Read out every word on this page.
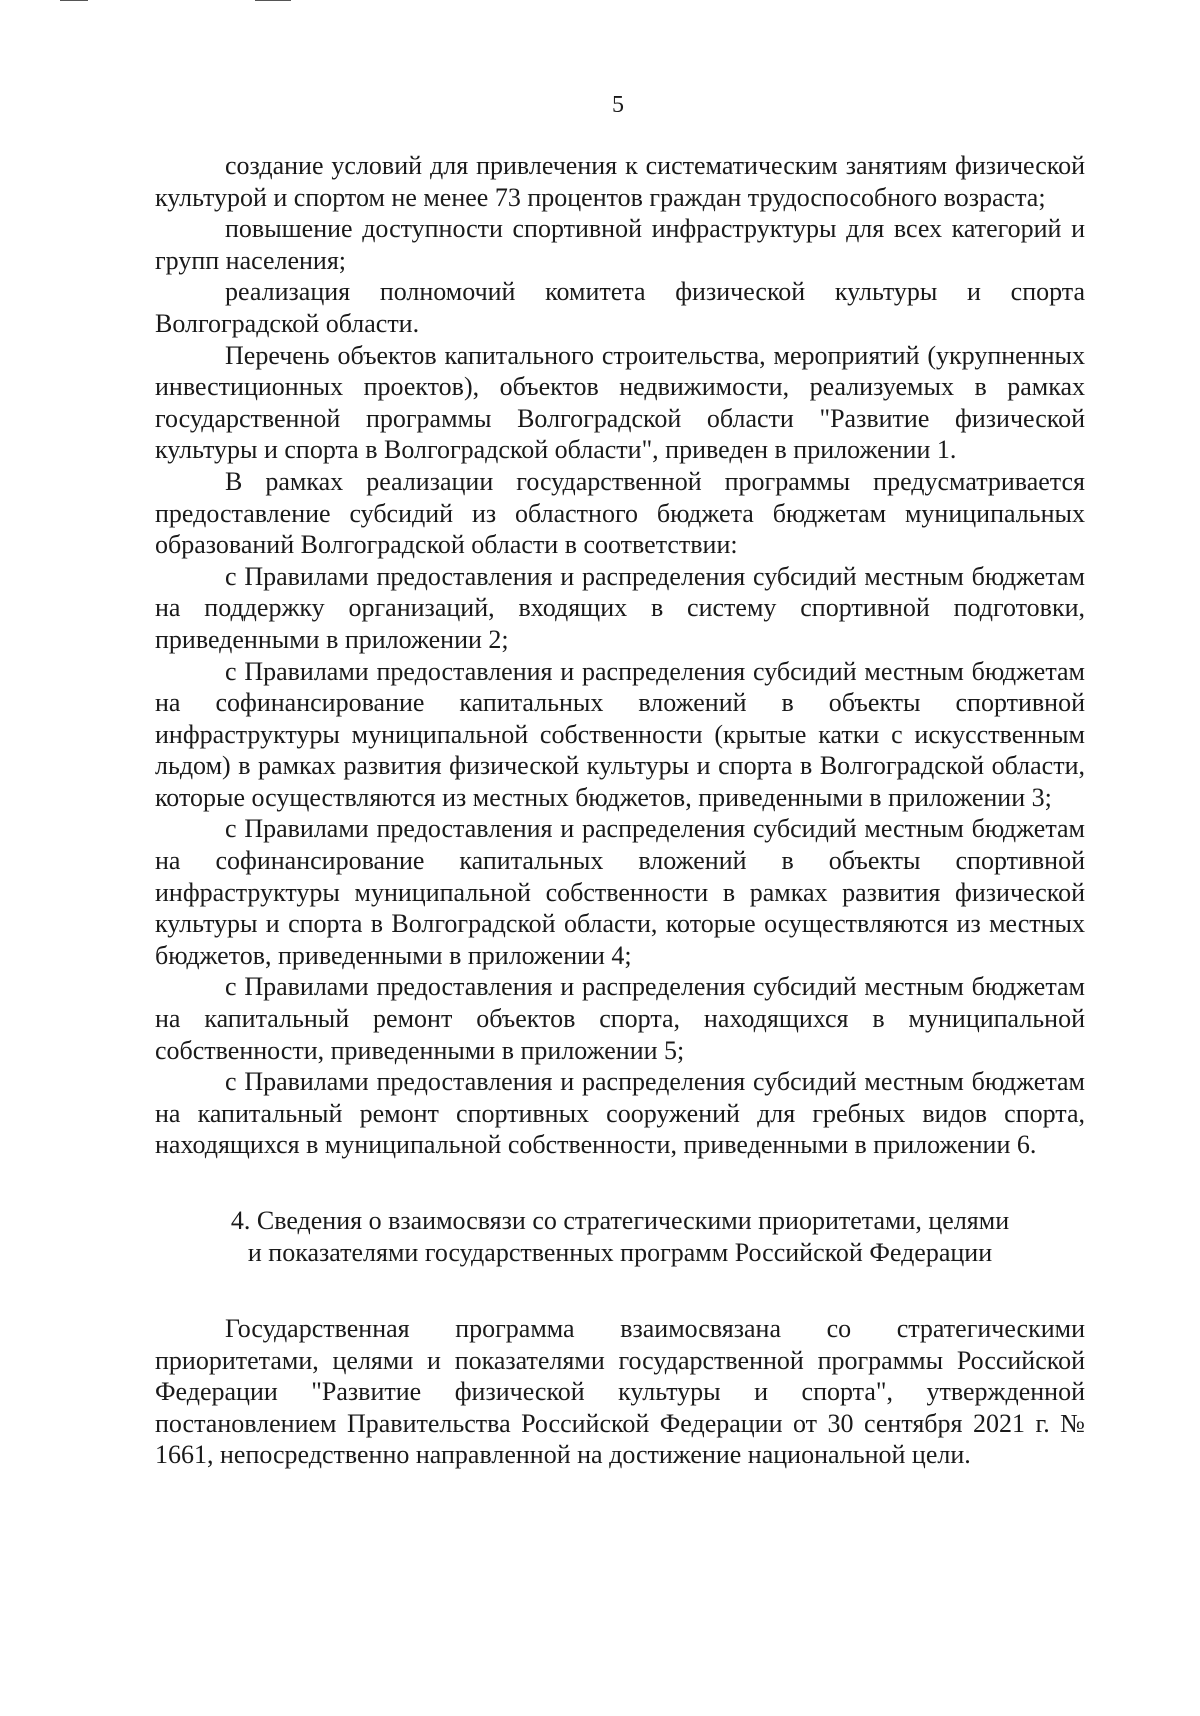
5

создание условий для привлечения к систематическим занятиям физической культурой и спортом не менее 73 процентов граждан трудоспособного возраста;

повышение доступности спортивной инфраструктуры для всех категорий и групп населения;

реализация полномочий комитета физической культуры и спорта Волгоградской области.

Перечень объектов капитального строительства, мероприятий (укрупненных инвестиционных проектов), объектов недвижимости, реализуемых в рамках государственной программы Волгоградской области "Развитие физической культуры и спорта в Волгоградской области", приведен в приложении 1.

В рамках реализации государственной программы предусматривается предоставление субсидий из областного бюджета бюджетам муниципальных образований Волгоградской области в соответствии:

с Правилами предоставления и распределения субсидий местным бюджетам на поддержку организаций, входящих в систему спортивной подготовки, приведенными в приложении 2;

с Правилами предоставления и распределения субсидий местным бюджетам на софинансирование капитальных вложений в объекты спортивной инфраструктуры муниципальной собственности (крытые катки с искусственным льдом) в рамках развития физической культуры и спорта в Волгоградской области, которые осуществляются из местных бюджетов, приведенными в приложении 3;

с Правилами предоставления и распределения субсидий местным бюджетам на софинансирование капитальных вложений в объекты спортивной инфраструктуры муниципальной собственности в рамках развития физической культуры и спорта в Волгоградской области, которые осуществляются из местных бюджетов, приведенными в приложении 4;

с Правилами предоставления и распределения субсидий местным бюджетам на капитальный ремонт объектов спорта, находящихся в муниципальной собственности, приведенными в приложении 5;

с Правилами предоставления и распределения субсидий местным бюджетам на капитальный ремонт спортивных сооружений для гребных видов спорта, находящихся в муниципальной собственности, приведенными в приложении 6.

4. Сведения о взаимосвязи со стратегическими приоритетами, целями
и показателями государственных программ Российской Федерации

Государственная программа взаимосвязана со стратегическими приоритетами, целями и показателями государственной программы Российской Федерации "Развитие физической культуры и спорта", утвержденной постановлением Правительства Российской Федерации от 30 сентября 2021 г. № 1661, непосредственно направленной на достижение национальной цели.
